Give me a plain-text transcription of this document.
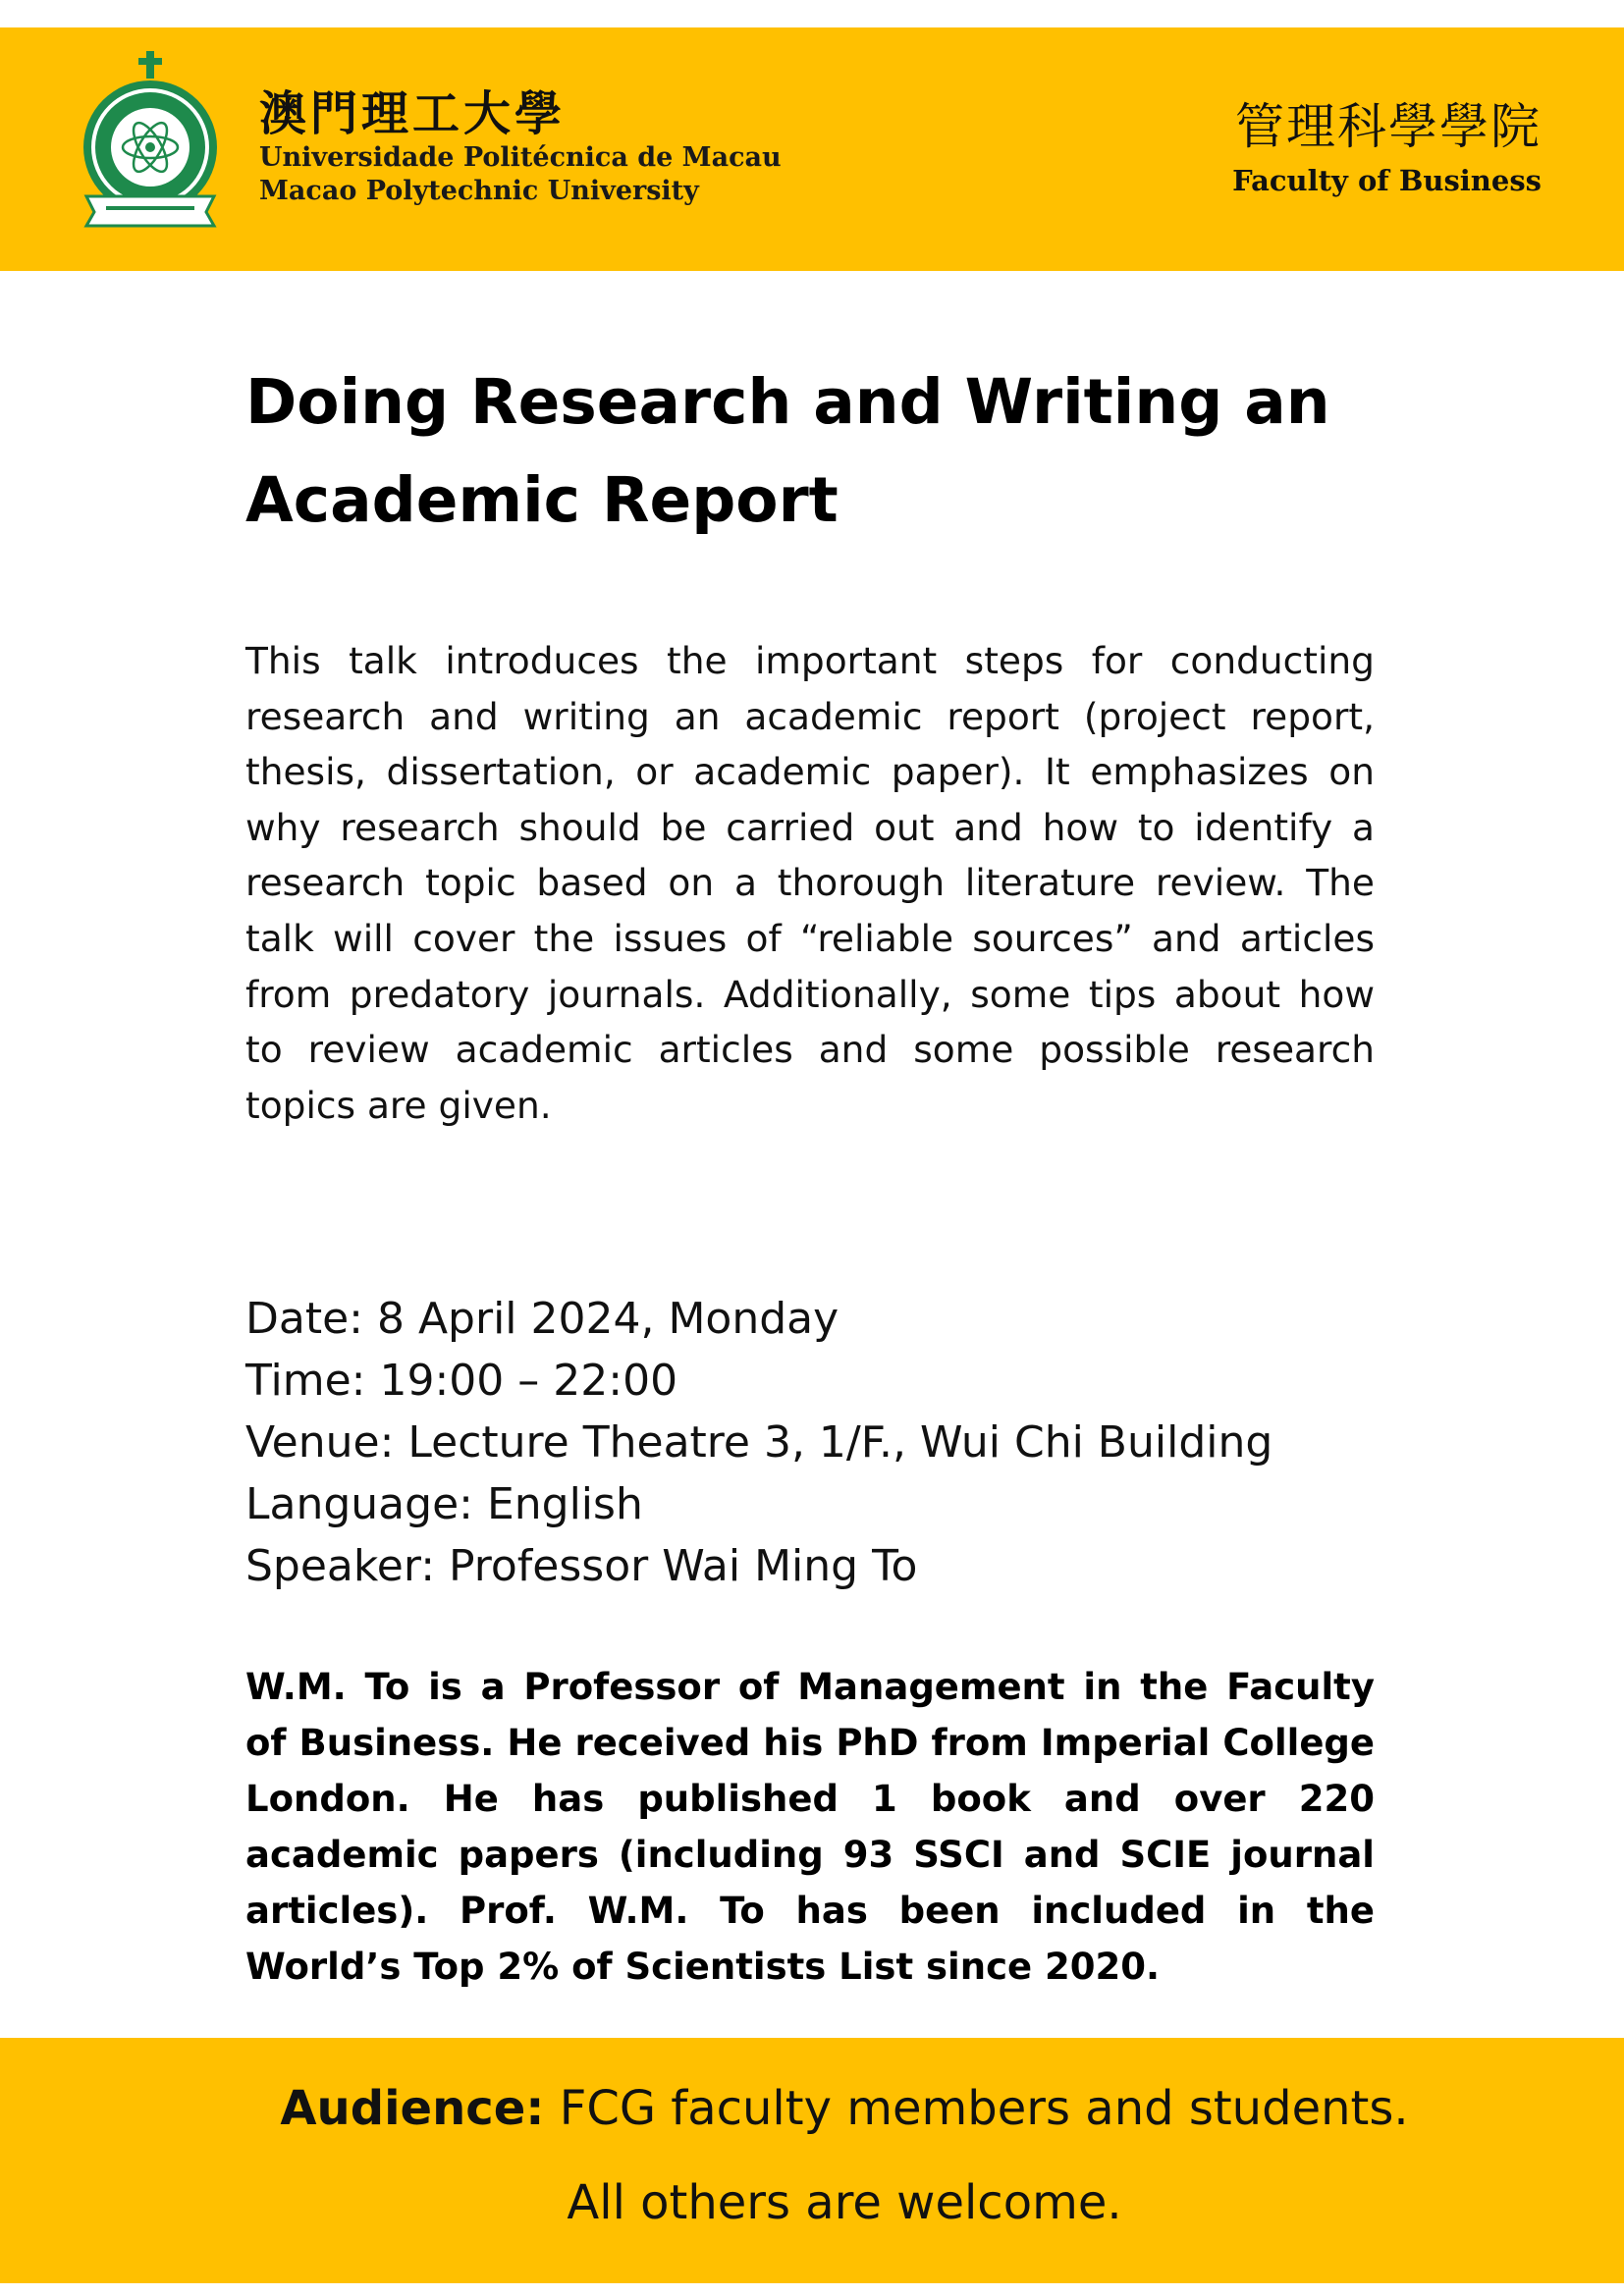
澳門理工大學
Universidade Politécnica de Macau
Macao Polytechnic University
管理科學學院
Faculty of Business
Doing Research and Writing an
Academic Report
This talk introduces the important steps for conducting research and writing an academic report (project report, thesis, dissertation, or academic paper). It emphasizes on why research should be carried out and how to identify a research topic based on a thorough literature review. The talk will cover the issues of “reliable sources” and articles from predatory journals. Additionally, some tips about how to review academic articles and some possible research topics are given.
Date: 8 April 2024, Monday
Time: 19:00 – 22:00
Venue: Lecture Theatre 3, 1/F., Wui Chi Building
Language: English
Speaker: Professor Wai Ming To
W.M. To is a Professor of Management in the Faculty of Business. He received his PhD from Imperial College London. He has published 1 book and over 220 academic papers (including 93 SSCI and SCIE journal articles). Prof. W.M. To has been included in the World’s Top 2% of Scientists List since 2020.
Audience: FCG faculty members and students.
All others are welcome.
